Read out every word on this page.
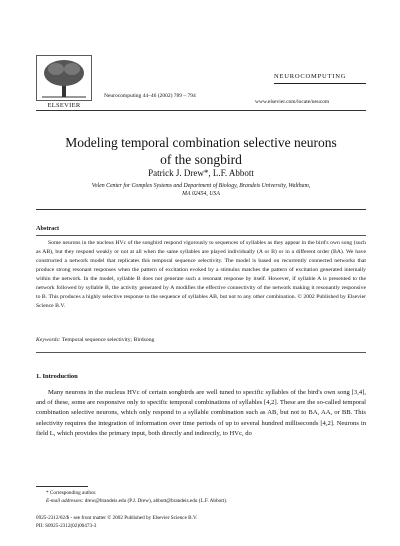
ELSEVIER
Neurocomputing 44–46 (2002) 789 – 794
NEUROCOMPUTING
www.elsevier.com/locate/neucom
Modeling temporal combination selective neurons
of the songbird
Patrick J. Drew*, L.F. Abbott
Volen Center for Complex Systems and Department of Biology, Brandeis University, Waltham,
MA 02454, USA
Abstract

Some neurons in the nucleus HVc of the songbird respond vigorously to sequences of syllables as they appear in the bird's own song (such as AB), but they respond weakly or not at all when the same syllables are played individually (A or B) or in a different order (BA). We have constructed a network model that replicates this temporal sequence selectivity. The model is based on recurrently connected networks that produce strong resonant responses when the pattern of excitation evoked by a stimulus matches the pattern of excitation generated internally within the network. In the model, syllable B does not generate such a resonant response by itself. However, if syllable A is presented to the network followed by syllable B, the activity generated by A modifies the effective connectivity of the network making it resonantly responsive to B. This produces a highly selective response to the sequence of syllables AB, but not to any other combination. © 2002 Published by Elsevier Science B.V.

Keywords: Temporal sequence selectivity; Birdsong
1. Introduction

Many neurons in the nucleus HVc of certain songbirds are well tuned to specific syllables of the bird's own song [3,4], and of these, some are responsive only to specific temporal combinations of syllables [4,2]. These are the so-called temporal combination selective neurons, which only respond to a syllable combination such as AB, but not to BA, AA, or BB. This selectivity requires the integration of information over time periods of up to several hundred milliseconds [4,2]. Neurons in field L, which provides the primary input, both directly and indirectly, to HVc, do

* Corresponding author.
E-mail addresses: drew@brandeis.edu (P.J. Drew), abbott@brandeis.edu (L.F. Abbott).
0925-2312/02/$ - see front matter © 2002 Published by Elsevier Science B.V.
PII: S0925-2312(02)00473-3
